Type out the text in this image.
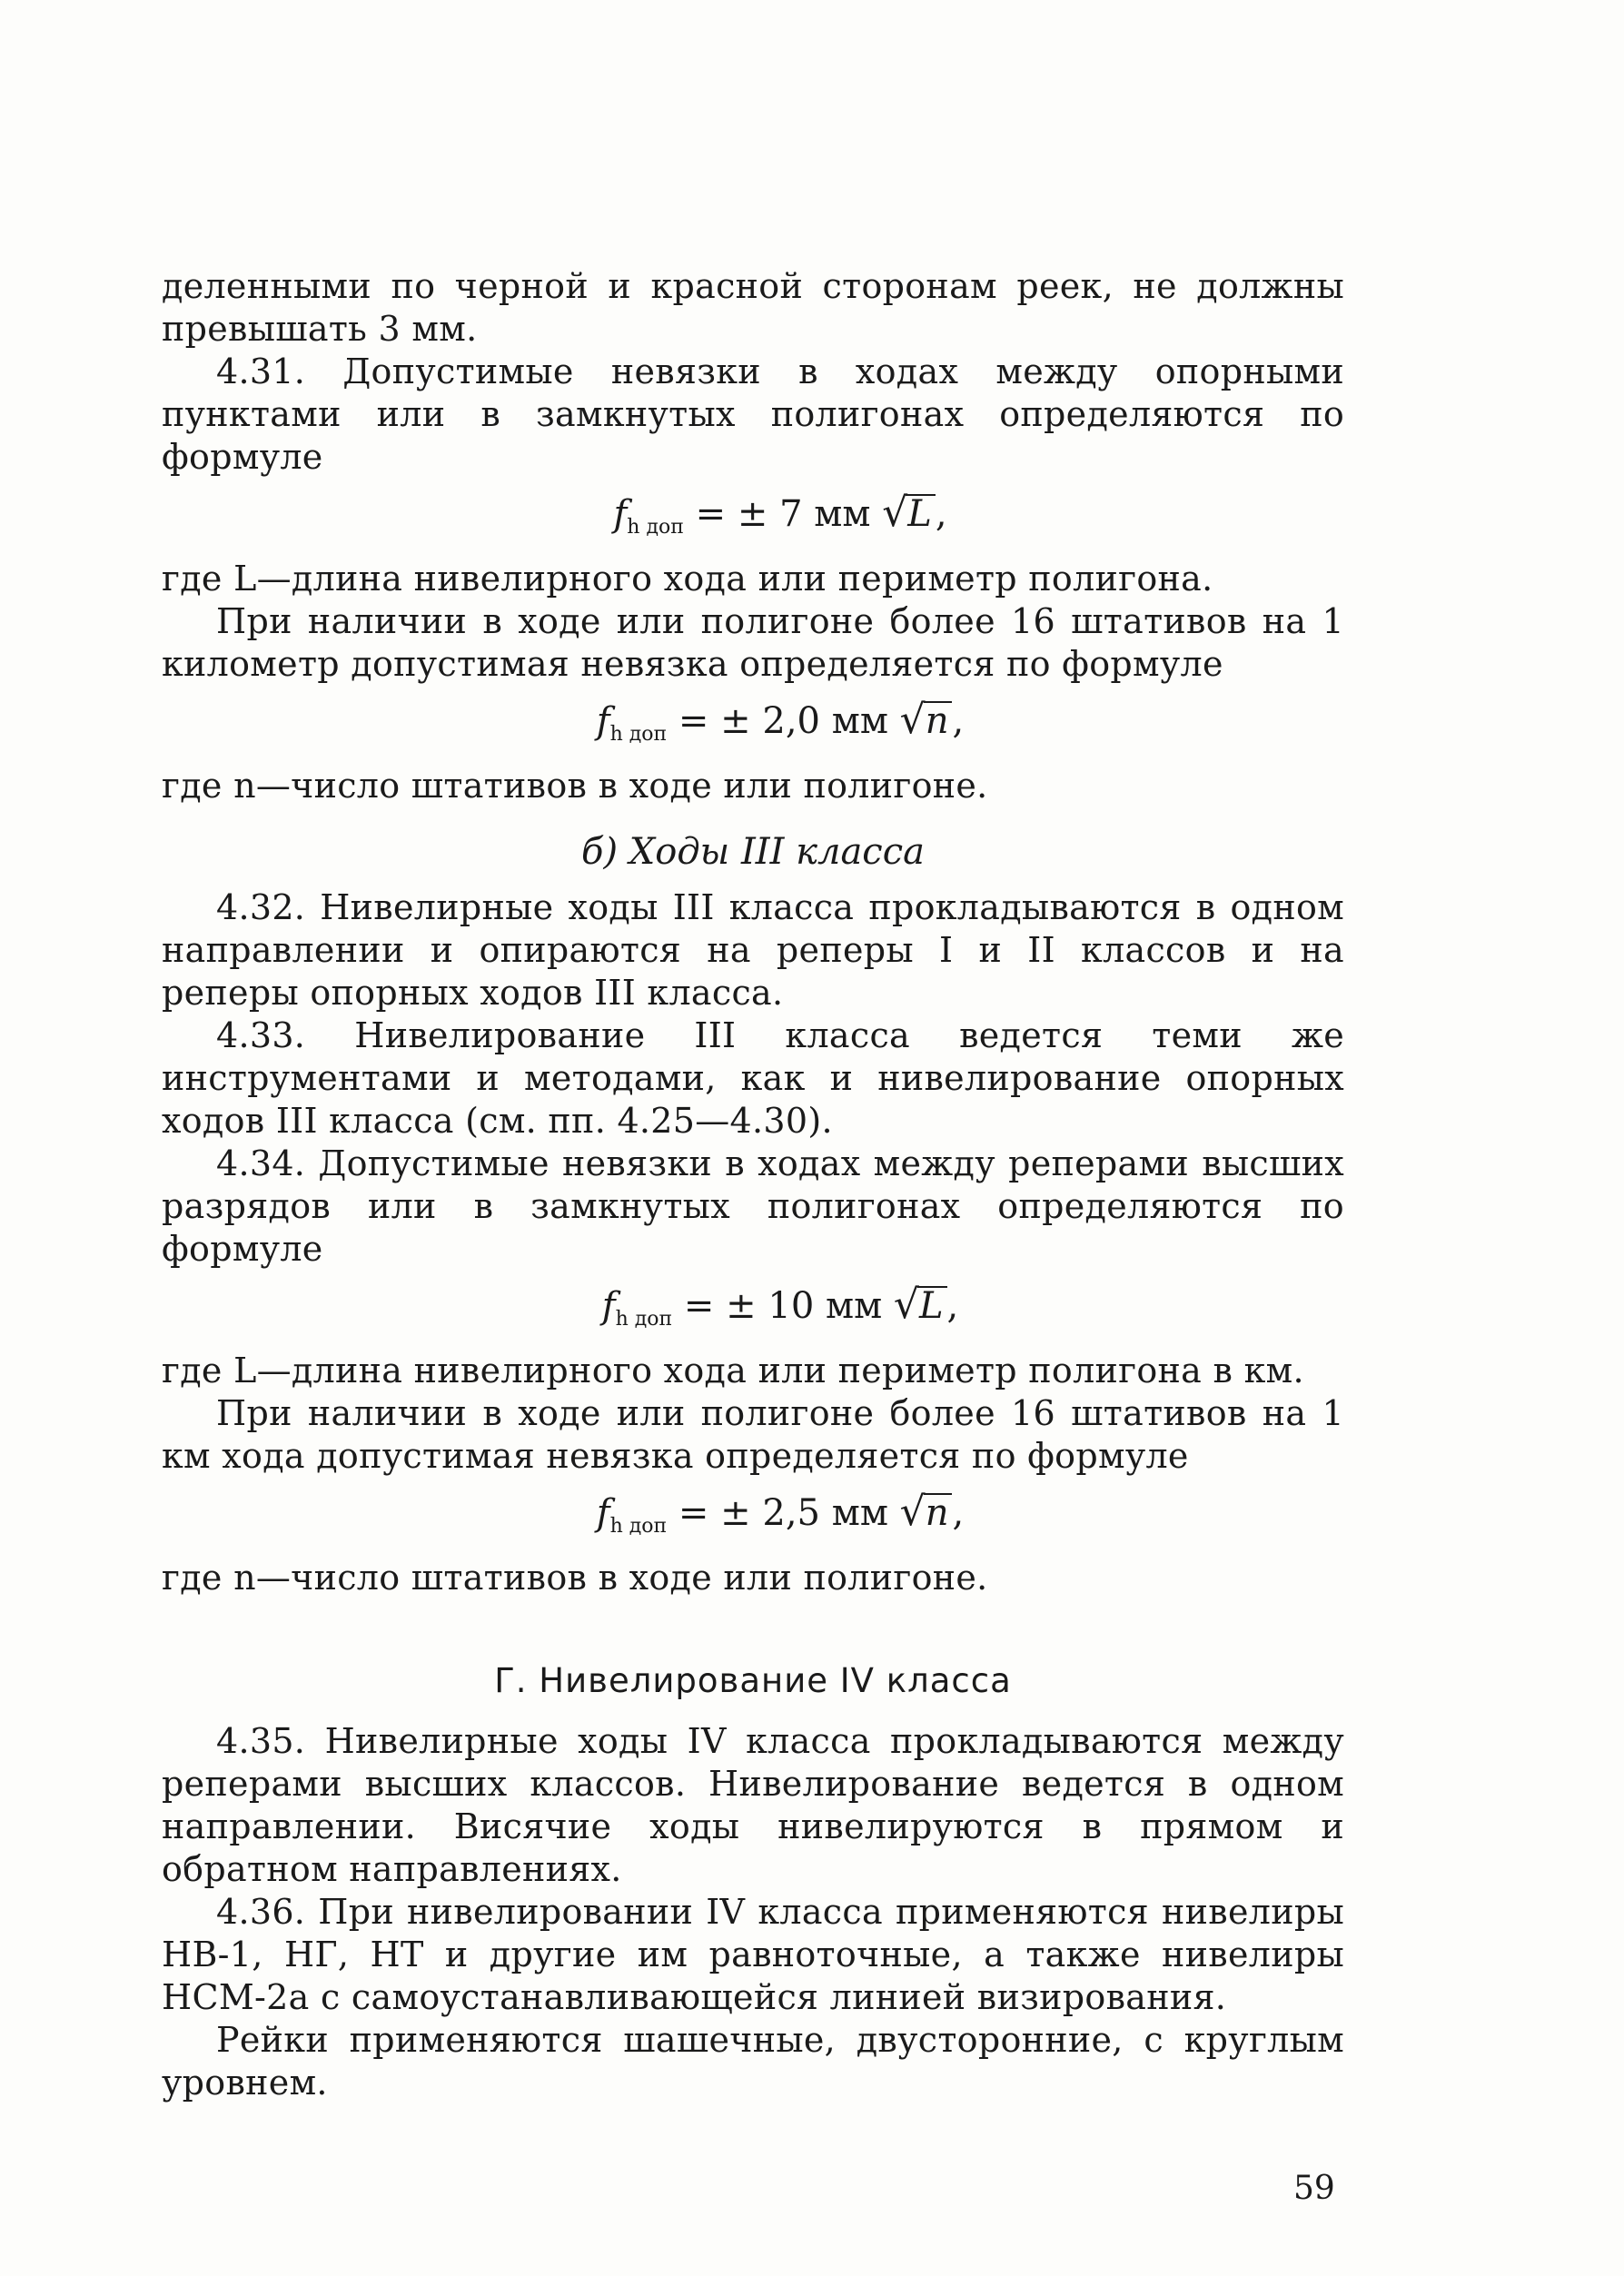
деленными по черной и красной сторонам реек, не должны превышать 3 мм.

4.31. Допустимые невязки в ходах между опорными пунктами или в замкнутых полигонах определяются по формуле

$f_{h доп}$ = ± 7 мм √L ,

где L—длина нивелирного хода или периметр полигона.

При наличии в ходе или полигоне более 16 штативов на 1 километр допустимая невязка определяется по формуле

$f_{h доп}$ = ± 2,0 мм √n ,

где n—число штативов в ходе или полигоне.

б) Ходы III класса

4.32. Нивелирные ходы III класса прокладываются в одном направлении и опираются на реперы I и II классов и на реперы опорных ходов III класса.

4.33. Нивелирование III класса ведется теми же инструментами и методами, как и нивелирование опорных ходов III класса (см. пп. 4.25—4.30).

4.34. Допустимые невязки в ходах между реперами высших разрядов или в замкнутых полигонах определяются по формуле

$f_{h доп}$ = ± 10 мм √L ,

где L—длина нивелирного хода или периметр полигона в км.

При наличии в ходе или полигоне более 16 штативов на 1 км хода допустимая невязка определяется по формуле

$f_{h доп}$ = ± 2,5 мм √n ,

где n—число штативов в ходе или полигоне.

Г. Нивелирование IV класса

4.35. Нивелирные ходы IV класса прокладываются между реперами высших классов. Нивелирование ведется в одном направлении. Висячие ходы нивелируются в прямом и обратном направлениях.

4.36. При нивелировании IV класса применяются нивелиры НВ-1, НГ, НТ и другие им равноточные, а также нивелиры НСМ-2а с самоустанавливающейся линией визирования.

Рейки применяются шашечные, двусторонние, с круглым уровнем.

59
